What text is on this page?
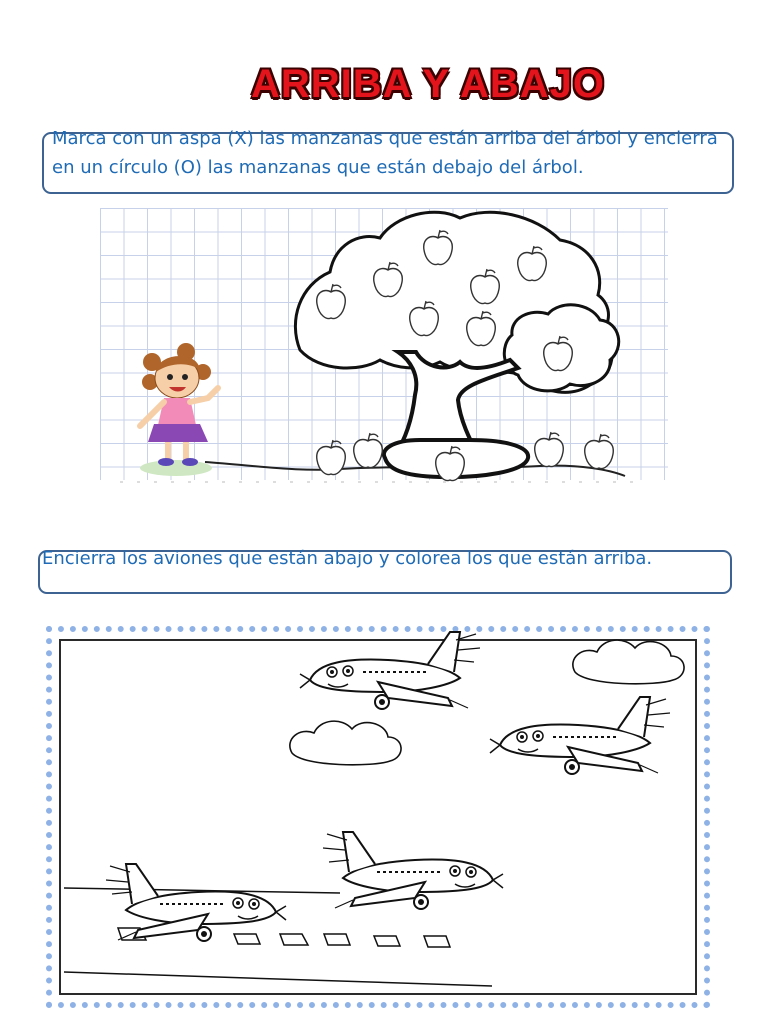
ARRIBA Y ABAJO
Marca con un aspa (X) las manzanas que están arriba del árbol y encierra en un círculo (O) las manzanas que están debajo del árbol.
Encierra los aviones que están abajo y colorea los que están arriba.
